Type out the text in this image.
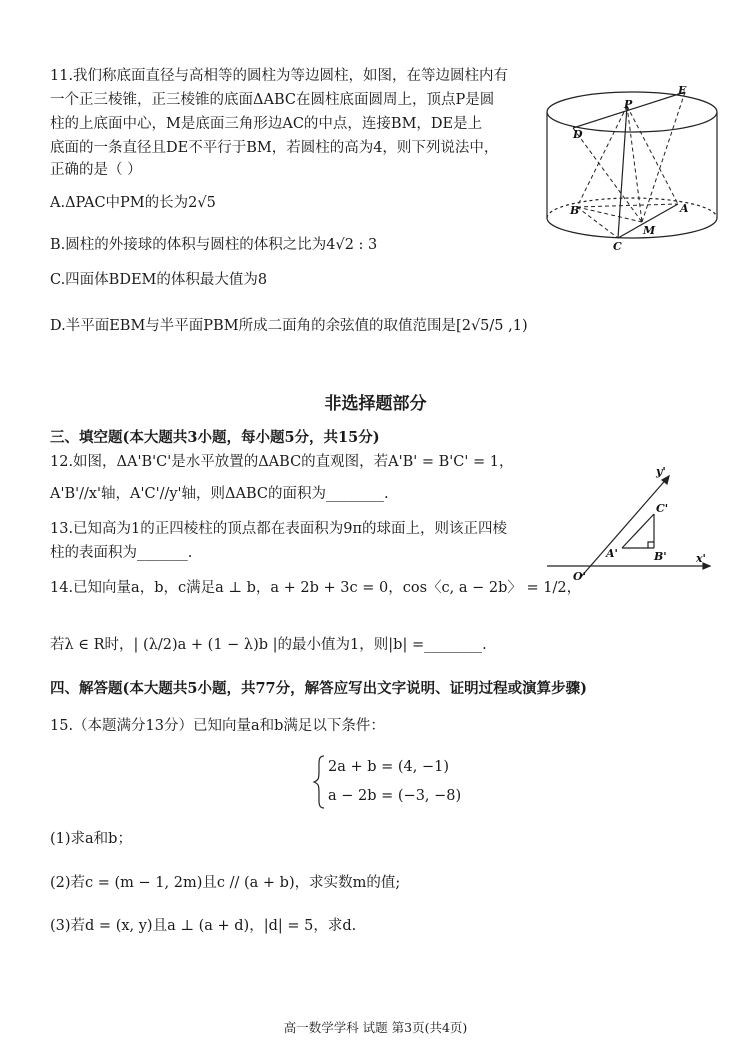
11.我们称底面直径与高相等的圆柱为等边圆柱，如图，在等边圆柱内有
一个正三棱锥，正三棱锥的底面ΔABC在圆柱底面圆周上，顶点P是圆
柱的上底面中心，M是底面三角形边AC的中点，连接BM，DE是上
底面的一条直径且DE不平行于BM，若圆柱的高为4，则下列说法中，
正确的是（ ）
A.ΔPAC中PM的长为2√5
B.圆柱的外接球的体积与圆柱的体积之比为4√2 : 3
C.四面体BDEM的体积最大值为8
D.半平面EBM与半平面PBM所成二面角的余弦值的取值范围是[2√5/5 ,1)
P
E
D
B	A
M
C
非选择题部分
三、填空题(本大题共3小题，每小题5分，共15分)
12.如图，ΔA'B'C'是水平放置的ΔABC的直观图，若A'B' = B'C' = 1，
A'B'//x'轴，A'C'//y'轴，则ΔABC的面积为________.
y'
x'
O'
A'	B'
C'
13.已知高为1的正四棱柱的顶点都在表面积为9π的球面上，则该正四棱
柱的表面积为_______.
14.已知向量a，b，c满足a ⊥ b，a + 2b + 3c = 0，cos〈c, a − 2b〉 = 1/2，
若λ ∈ R时，| (λ/2)a + (1 − λ)b |的最小值为1，则|b| =________.
四、解答题(本大题共5小题，共77分，解答应写出文字说明、证明过程或演算步骤)
15.（本题满分13分）已知向量a和b满足以下条件：
2a + b = (4, −1)
a − 2b = (−3, −8)
(1)求a和b；
(2)若c = (m − 1, 2m)且c // (a + b)，求实数m的值;
(3)若d = (x, y)且a ⊥ (a + d)，|d| = 5，求d.
高一数学学科 试题 第3页(共4页)
